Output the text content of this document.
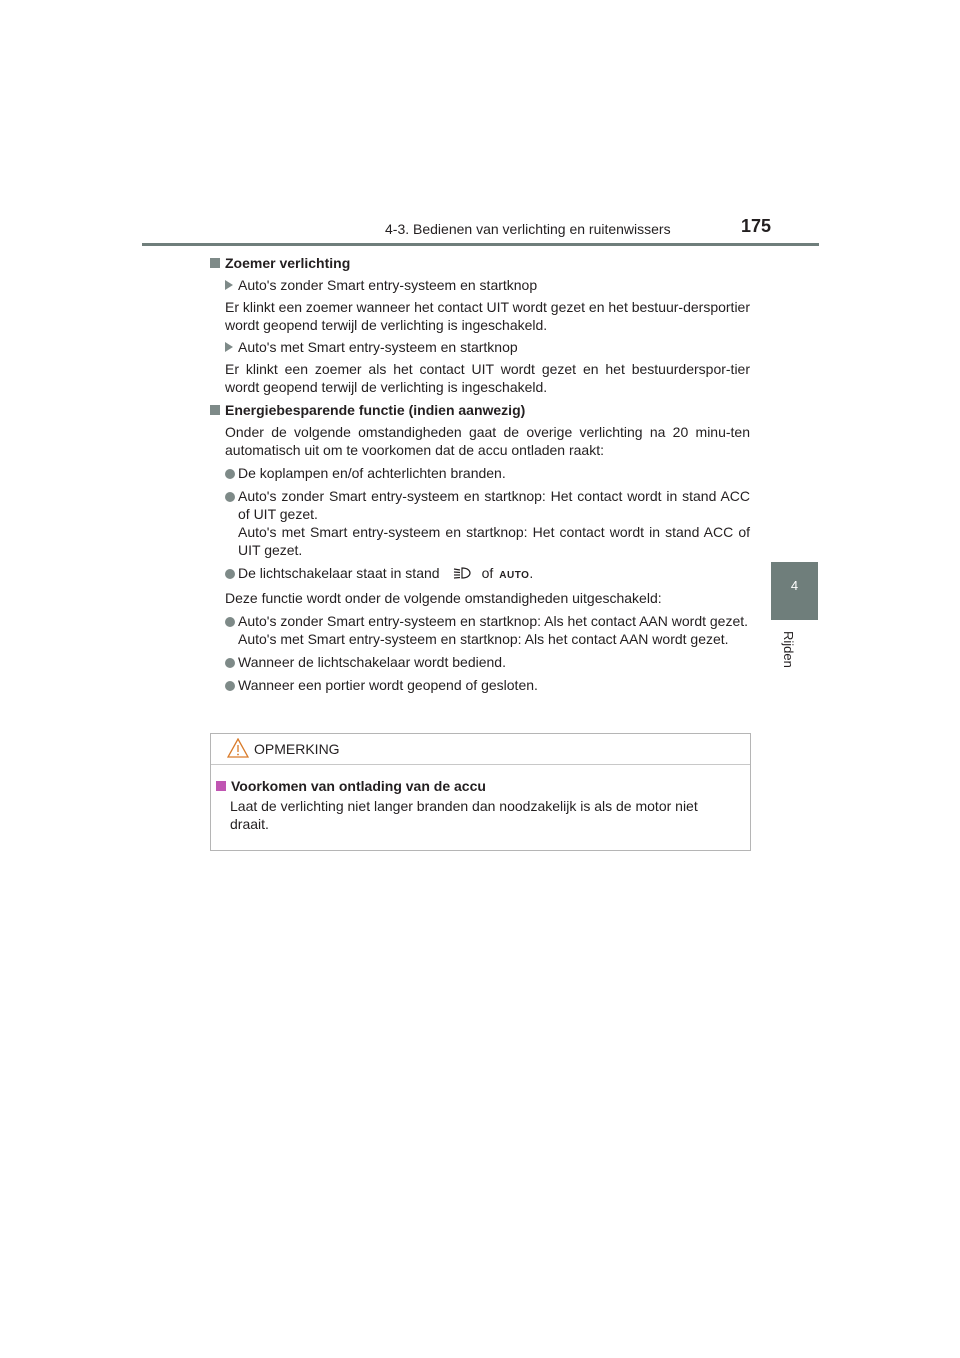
4-3. Bedienen van verlichting en ruitenwissers	175
4
Rijden
Zoemer verlichting
Auto's zonder Smart entry-systeem en startknop
Er klinkt een zoemer wanneer het contact UIT wordt gezet en het bestuur-dersportier wordt geopend terwijl de verlichting is ingeschakeld.
Auto's met Smart entry-systeem en startknop
Er klinkt een zoemer als het contact UIT wordt gezet en het bestuurderspor-tier wordt geopend terwijl de verlichting is ingeschakeld.
Energiebesparende functie (indien aanwezig)
Onder de volgende omstandigheden gaat de overige verlichting na 20 minu-ten automatisch uit om te voorkomen dat de accu ontladen raakt:
De koplampen en/of achterlichten branden.
Auto's zonder Smart entry-systeem en startknop: Het contact wordt in stand ACC of UIT gezet.
Auto's met Smart entry-systeem en startknop: Het contact wordt in stand ACC of UIT gezet.
De lichtschakelaar staat in stand	of AUTO.
Deze functie wordt onder de volgende omstandigheden uitgeschakeld:
Auto's zonder Smart entry-systeem en startknop: Als het contact AAN wordt gezet.
Auto's met Smart entry-systeem en startknop: Als het contact AAN wordt gezet.
Wanneer de lichtschakelaar wordt bediend.
Wanneer een portier wordt geopend of gesloten.
OPMERKING
Voorkomen van ontlading van de accu
Laat de verlichting niet langer branden dan noodzakelijk is als de motor niet draait.
